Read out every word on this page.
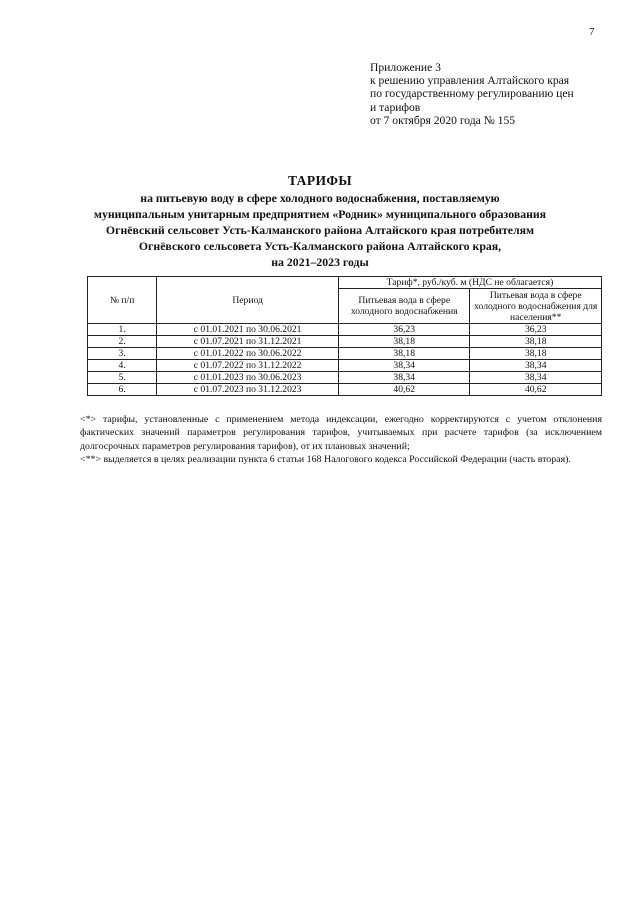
7
Приложение 3
к решению управления Алтайского края
по государственному регулированию цен
и тарифов
от 7 октября 2020 года № 155
ТАРИФЫ
на питьевую воду в сфере холодного водоснабжения, поставляемую
муниципальным унитарным предприятием «Родник» муниципального образования
Огнёвский сельсовет Усть-Калманского района Алтайского края потребителям
Огнёвского сельсовета Усть-Калманского района Алтайского края,
на 2021–2023 годы
№ п/п	Период	Тариф*, руб./куб. м (НДС не облагается)	
		Питьевая вода в сфере холодного водоснабжения	Питьевая вода в сфере холодного водоснабжения для населения**
1.	с 01.01.2021 по 30.06.2021	36,23	36,23
2.	с 01.07.2021 по 31.12.2021	38,18	38,18
3.	с 01.01.2022 по 30.06.2022	38,18	38,18
4.	с 01.07.2022 по 31.12.2022	38,34	38,34
5.	с 01.01.2023 по 30.06.2023	38,34	38,34
6.	с 01.07.2023 по 31.12.2023	40,62	40,62

<*> тарифы, установленные с применением метода индексации, ежегодно корректируются с учетом отклонения фактических значений параметров регулирования тарифов, учитываемых при расчете тарифов (за исключением долгосрочных параметров регулирования тарифов), от их плановых значений;

<**> выделяется в целях реализации пункта 6 статьи 168 Налогового кодекса Российской Федерации (часть вторая).
